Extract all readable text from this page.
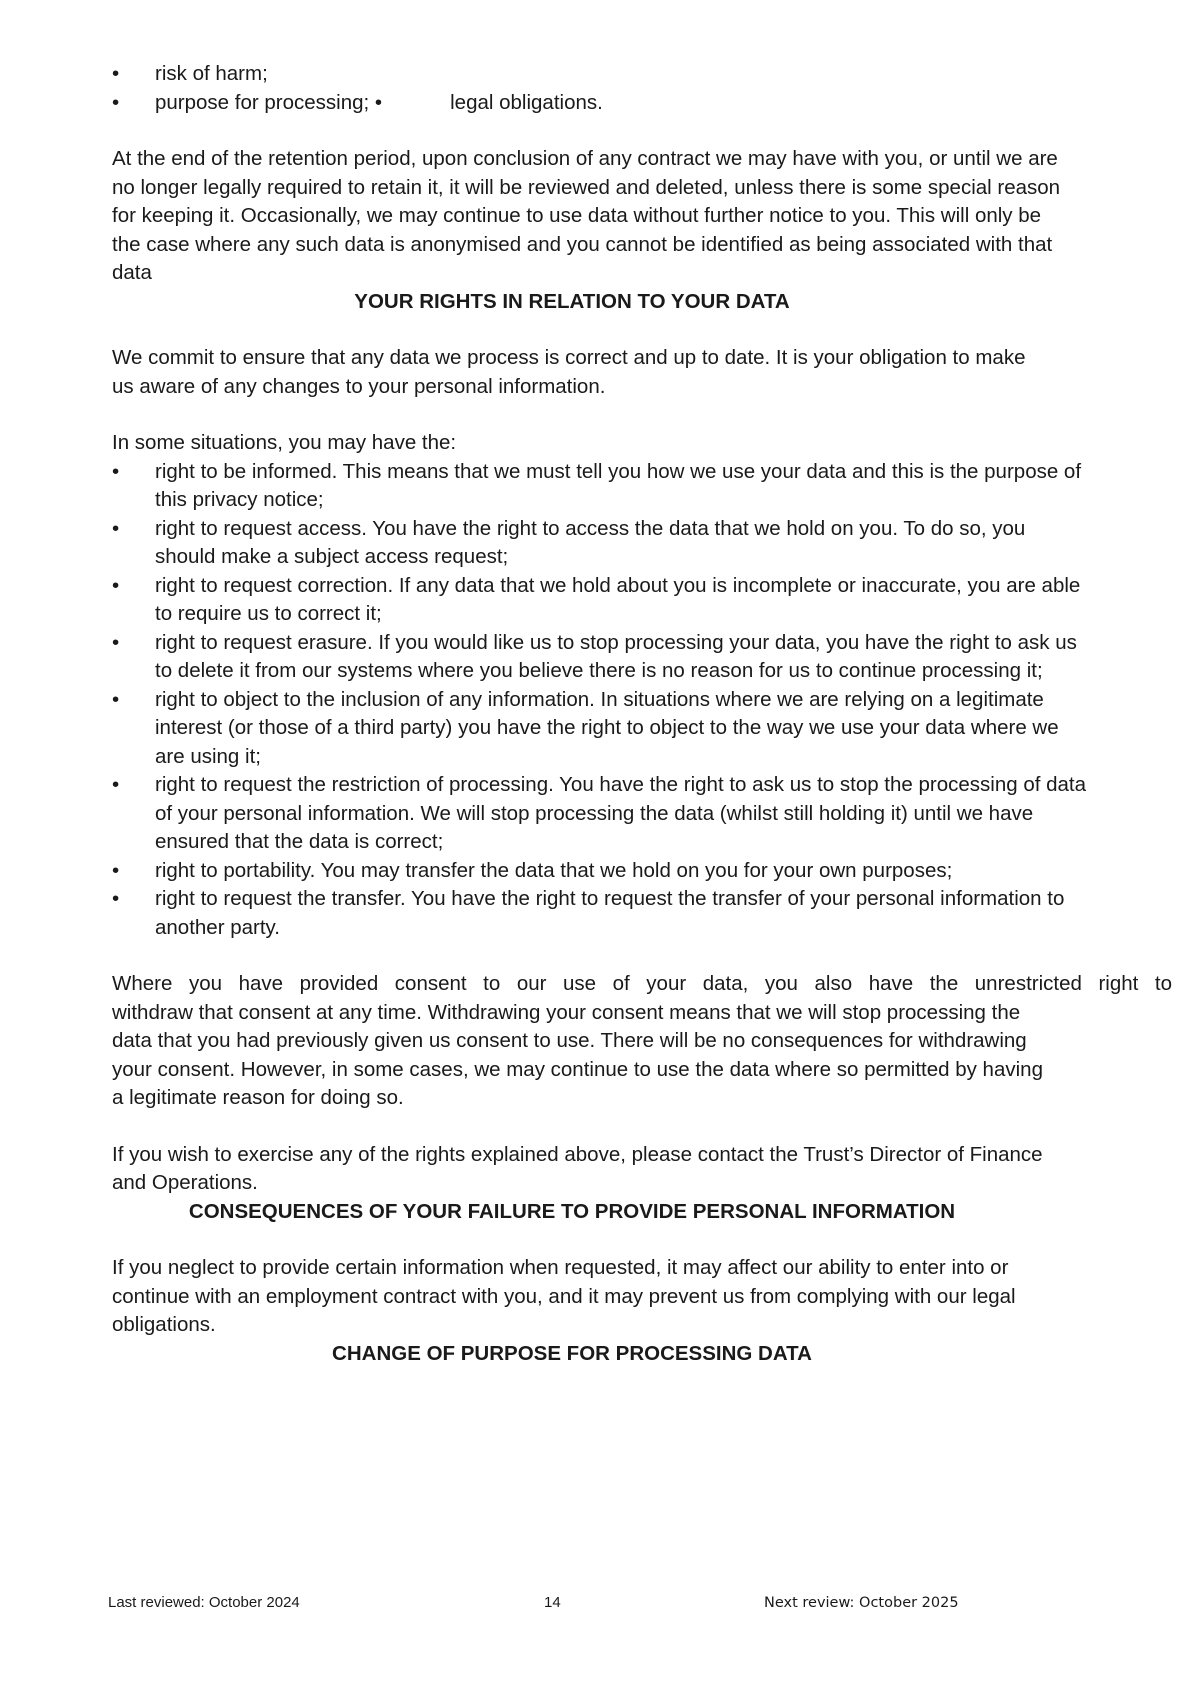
• risk of harm;
• purpose for processing; •	legal obligations.

At the end of the retention period, upon conclusion of any contract we may have with you, or until we are no longer legally required to retain it, it will be reviewed and deleted, unless there is some special reason for keeping it. Occasionally, we may continue to use data without further notice to you. This will only be the case where any such data is anonymised and you cannot be identified as being associated with that data

YOUR RIGHTS IN RELATION TO YOUR DATA

We commit to ensure that any data we process is correct and up to date. It is your obligation to make us aware of any changes to your personal information.

In some situations, you may have the:

• right to be informed. This means that we must tell you how we use your data and this is the purpose of this privacy notice;
• right to request access. You have the right to access the data that we hold on you. To do so, you should make a subject access request;
• right to request correction. If any data that we hold about you is incomplete or inaccurate, you are able to require us to correct it;
• right to request erasure. If you would like us to stop processing your data, you have the right to ask us to delete it from our systems where you believe there is no reason for us to continue processing it;
• right to object to the inclusion of any information. In situations where we are relying on a legitimate interest (or those of a third party) you have the right to object to the way we use your data where we are using it;
• right to request the restriction of processing. You have the right to ask us to stop the processing of data of your personal information. We will stop processing the data (whilst still holding it) until we have ensured that the data is correct;
• right to portability. You may transfer the data that we hold on you for your own purposes;
• right to request the transfer. You have the right to request the transfer of your personal information to another party.

Where you have provided consent to our use of your data, you also have the unrestricted right to

withdraw that consent at any time. Withdrawing your consent means that we will stop processing the data that you had previously given us consent to use. There will be no consequences for withdrawing your consent. However, in some cases, we may continue to use the data where so permitted by having a legitimate reason for doing so.

If you wish to exercise any of the rights explained above, please contact the Trust’s Director of Finance and Operations.

CONSEQUENCES OF YOUR FAILURE TO PROVIDE PERSONAL INFORMATION

If you neglect to provide certain information when requested, it may affect our ability to enter into or continue with an employment contract with you, and it may prevent us from complying with our legal obligations.

CHANGE OF PURPOSE FOR PROCESSING DATA

Last reviewed: October 2024	14	Next review: October 2025
